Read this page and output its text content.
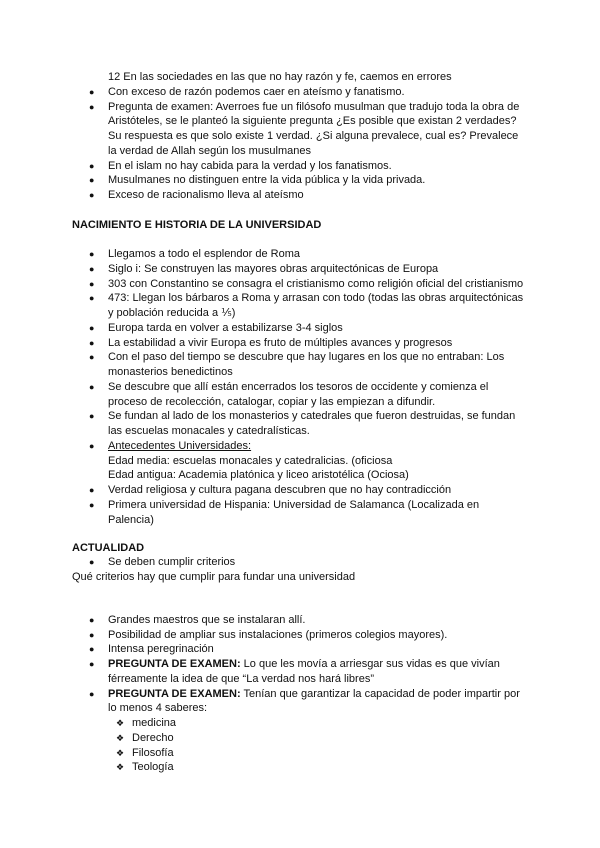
12 En las sociedades en las que no hay razón y fe, caemos en errores
● Con exceso de razón podemos caer en ateísmo y fanatismo.
● Pregunta de examen: Averroes fue un filósofo musulman que tradujo toda la obra de
Aristóteles, se le planteó la siguiente pregunta ¿Es posible que existan 2 verdades?
Su respuesta es que solo existe 1 verdad. ¿Si alguna prevalece, cual es? Prevalece
la verdad de Allah según los musulmanes
● En el islam no hay cabida para la verdad y los fanatismos.
● Musulmanes no distinguen entre la vida pública y la vida privada.
● Exceso de racionalismo lleva al ateísmo
NACIMIENTO E HISTORIA DE LA UNIVERSIDAD
● Llegamos a todo el esplendor de Roma
● Siglo i: Se construyen las mayores obras arquitectónicas de Europa
● 303 con Constantino se consagra el cristianismo como religión oficial del cristianismo
● 473: Llegan los bárbaros a Roma y arrasan con todo (todas las obras arquitectónicas
y población reducida a ⅕)
● Europa tarda en volver a estabilizarse 3-4 siglos
● La estabilidad a vivir Europa es fruto de múltiples avances y progresos
● Con el paso del tiempo se descubre que hay lugares en los que no entraban: Los
monasterios benedictinos
● Se descubre que allí están encerrados los tesoros de occidente y comienza el
proceso de recolección, catalogar, copiar y las empiezan a difundir.
● Se fundan al lado de los monasterios y catedrales que fueron destruidas, se fundan
las escuelas monacales y catedralísticas.
● Antecedentes Universidades:
Edad media: escuelas monacales y catedralicias. (oficiosa
Edad antigua: Academia platónica y liceo aristotélica (Ociosa)
● Verdad religiosa y cultura pagana descubren que no hay contradicción
● Primera universidad de Hispania: Universidad de Salamanca (Localizada en
Palencia)
ACTUALIDAD
● Se deben cumplir criterios
Qué criterios hay que cumplir para fundar una universidad
● Grandes maestros que se instalaran allí.
● Posibilidad de ampliar sus instalaciones (primeros colegios mayores).
● Intensa peregrinación
● PREGUNTA DE EXAMEN: Lo que les movía a arriesgar sus vidas es que vivían
férreamente la idea de que “La verdad nos hará libres”
● PREGUNTA DE EXAMEN: Tenían que garantizar la capacidad de poder impartir por
lo menos 4 saberes:
❖ medicina
❖ Derecho
❖ Filosofía
❖ Teología
